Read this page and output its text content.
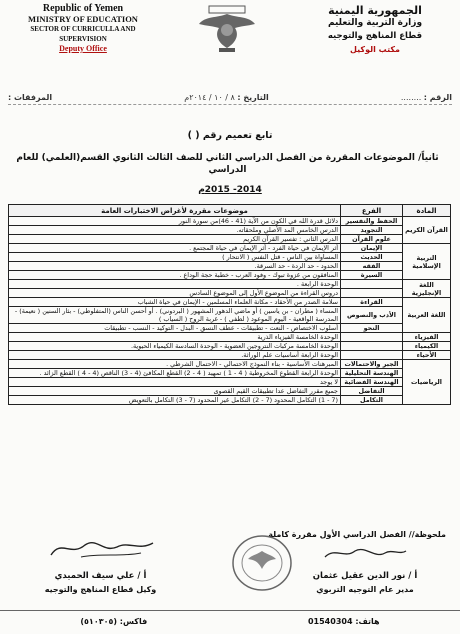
Republic of Yemen
MINISTRY OF EDUCATION
SECTOR OF CURRICULLA AND
SUPERVISION
Deputy Office
الجمهورية اليمنية
وزارة التربية والتعليم
قطاع المناهج والتوجيه
مكتب الوكيل
الرقم : ........
التاريخ : ٨ / ١٠ / ٢٠١٤م
المرفقات :
تابع تعميم رقم ( )
ثانياً/ الموضوعات المقررة من الفصل الدراسي الثاني للصف الثالث الثانوي القسم(العلمي) للعام الدراسي
2014- 2015م
المادة	الفرع	موضوعات مقررة لأغراض الاختبارات العامة
القرآن الكريم	الحفظ والتفسير	دلائل قدرة الله في الكون من الآية (41 - 46)من سورة النور
	التجويد	الدرس الخامس المد الأصلي وملحقاته.
	علوم القرآن	الدرس الثاني : تفسير القرآن الكريم
التربية الإسلامية	الإيمان	أثر الإيمان في حياة الفرد - أثر الإيمان في حياة المجتمع .
	الحديث	المساواة بين الناس - قتل النفس ( الانتحار )
	الفقه	الحدود - حد الردة - حد السرقة.
	السيرة	المنافقون من غزوة تبوك - وفود العرب - خطبة حجة الوداع .
اللغة الإنجليزية		الوحدة الرابعة .
		دروس القراءة من الموضوع الأول إلى الموضوع السادس
اللغة العربية	القراءة	سلامة الصدر من الأحقاد - مكانة العلماء المسلمين - الإيمان في حياة الشباب
	الأدب والنصوص	المساء ( مطران - بن ياسين ) أو ماضي الدهور المشهور ( البردوني) . أو أحسن الناس (المتفلوطي) - بثار السنين ( نعيمة) - المدرسة الواقعية - اليوم الموعود ( لطفي ) - غربة الروح ( السياب )
	النحو	أسلوب الاختصاص - النعت - تطبيقات - عطف النسق - البدل - التوكيد - النسب - تطبيقات
الفيزياء		الوحدة الخامسة الفيزياء الذرية
الكيمياء		الوحدة الخامسة مركبات النتروجين العضوية - الوحدة السادسة الكيمياء الحيوية.
الأحياء		الوحدة الرابعة أساسيات علم الوراثة.
الرياضيات	الجبر والاحتمالات	المبرهنات الأساسية - بناء النموذج الاحتمالي - الاحتمال الشرطي .
	الهندسة التحليلية	الوحدة الرابعة القطوع المخروطية ( 4 - 1 ) تمهيد ( 4 - 2) القطع المكافئ (4 - 3) الناقص (4 - 4 ) القطع الزائد .
	الهندسة الفضائية	لا يوجد
	التفاضل	جميع مقرر التفاضل عدا تطبيقات القيم القصوى
	التكامل	(7 - 1) التكامل المحدود (7 - 2) التكامل غير المحدود (7 - 3) التكامل بالتعويض
ملحوظة// الفصل الدراسي الأول مقررة كاملة
أ / نور الدين عقيل عثمان
مدير عام التوجيه التربوي
أ / علي سيف الحميدي
وكيل قطاع المناهج والتوجيه
فاكس: (٥١٠٣٠٥)	هاتف: 01540304
